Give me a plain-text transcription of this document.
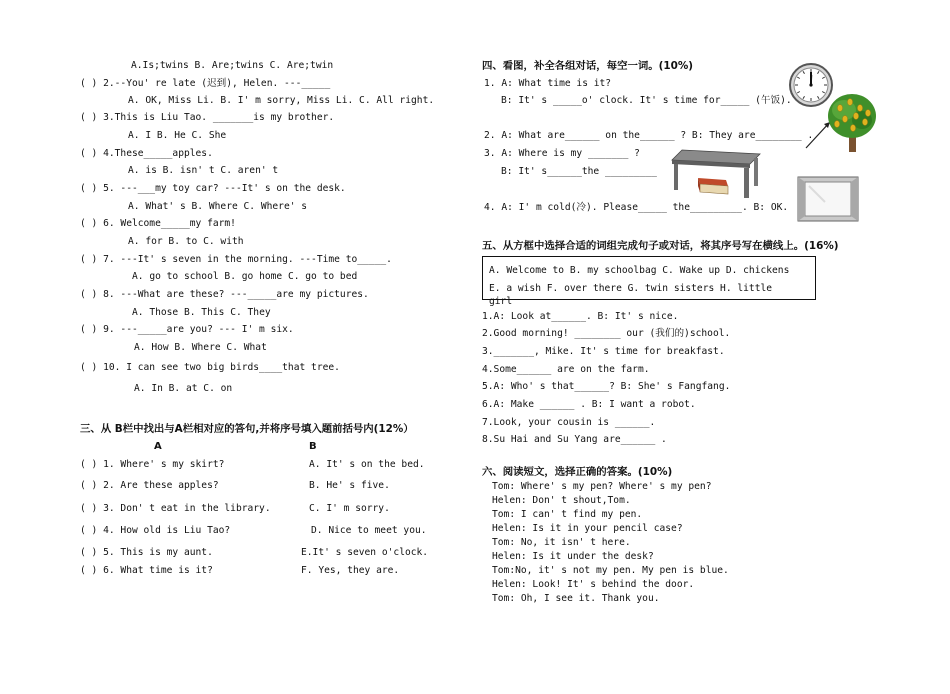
A.Is;twins B. Are;twins C. Are;twin
( ) 2.--You' re late (迟到), Helen. ---_____
A. OK, Miss Li. B. I' m sorry, Miss Li. C. All right.
( ) 3.This is Liu Tao. _______is my brother.
A. I B. He C. She
( ) 4.These_____apples.
A. is B. isn' t C. aren' t
( ) 5. ---___my toy car? ---It' s on the desk.
A. What' s B. Where C. Where' s
( ) 6. Welcome_____my farm!
A. for B. to C. with
( ) 7. ---It' s seven in the morning. ---Time to_____.
A. go to school B. go home C. go to bed
( ) 8. ---What are these? ---_____are my pictures.
A. Those B. This C. They
( ) 9. ---_____are you? --- I' m six.
A. How B. Where C. What
( ) 10. I can see two big birds____that tree.
A. In B. at C. on
三、从 B栏中找出与A栏相对应的答句,并将序号填入题前括号内(12%）
A	B
( ) 1. Where' s my skirt?
( ) 2. Are these apples?
( ) 3. Don' t eat in the library.
( ) 4. How old is Liu Tao?
( ) 5. This is my aunt.
( ) 6. What time is it?
A. It' s on the bed.
B. He' s five.
C. I' m sorry.
D. Nice to meet you.
E.It' s seven o'clock.
F. Yes, they are.
四、看图，补全各组对话，每空一词。(10%)
1. A: What time is it?
B: It' s _____o' clock. It' s time for_____ (午饭).
2. A: What are______ on the______ ? B: They are________ .
3. A: Where is my _______ ?
B: It' s______the _________
4. A: I' m cold(冷). Please_____ the_________. B: OK.
五、从方框中选择合适的词组完成句子或对话，将其序号写在横线上。(16%)
A. Welcome to B. my schoolbag C. Wake up D. chickens
E. a wish F. over there G. twin sisters H. little
girl
1.A: Look at______. B: It' s nice.
2.Good morning! ________ our (我们的)school.
3._______, Mike. It' s time for breakfast.
4.Some______ are on the farm.
5.A: Who' s that______? B: She' s Fangfang.
6.A: Make ______ . B: I want a robot.
7.Look, your cousin is ______.
8.Su Hai and Su Yang are______ .
六、阅读短文，选择正确的答案。(10%)
Tom: Where' s my pen? Where' s my pen?
Helen: Don' t shout,Tom.
Tom: I can' t find my pen.
Helen: Is it in your pencil case?
Tom: No, it isn' t here.
Helen: Is it under the desk?
Tom:No, it' s not my pen. My pen is blue.
Helen: Look! It' s behind the door.
Tom: Oh, I see it. Thank you.
